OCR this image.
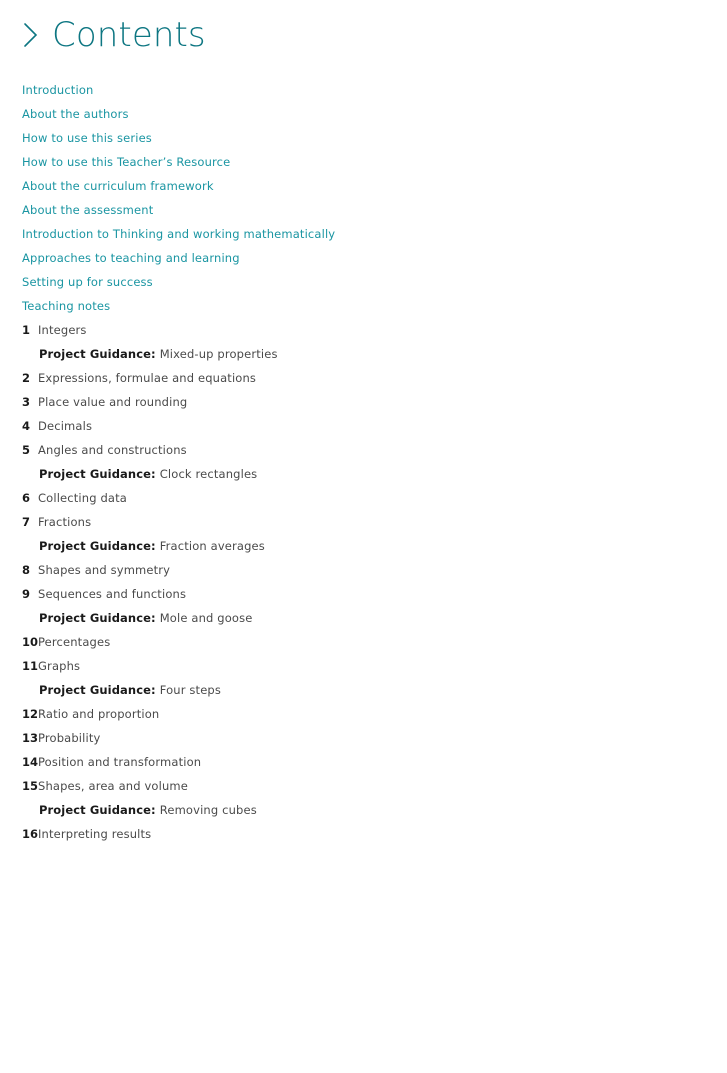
Contents
Introduction
About the authors
How to use this series
How to use this Teacher’s Resource
About the curriculum framework
About the assessment
Introduction to Thinking and working mathematically
Approaches to teaching and learning
Setting up for success
Teaching notes
1 Integers
Project Guidance: Mixed-up properties
2 Expressions, formulae and equations
3 Place value and rounding
4 Decimals
5 Angles and constructions
Project Guidance: Clock rectangles
6 Collecting data
7 Fractions
Project Guidance: Fraction averages
8 Shapes and symmetry
9 Sequences and functions
Project Guidance: Mole and goose
10 Percentages
11 Graphs
Project Guidance: Four steps
12 Ratio and proportion
13 Probability
14 Position and transformation
15 Shapes, area and volume
Project Guidance: Removing cubes
16 Interpreting results
